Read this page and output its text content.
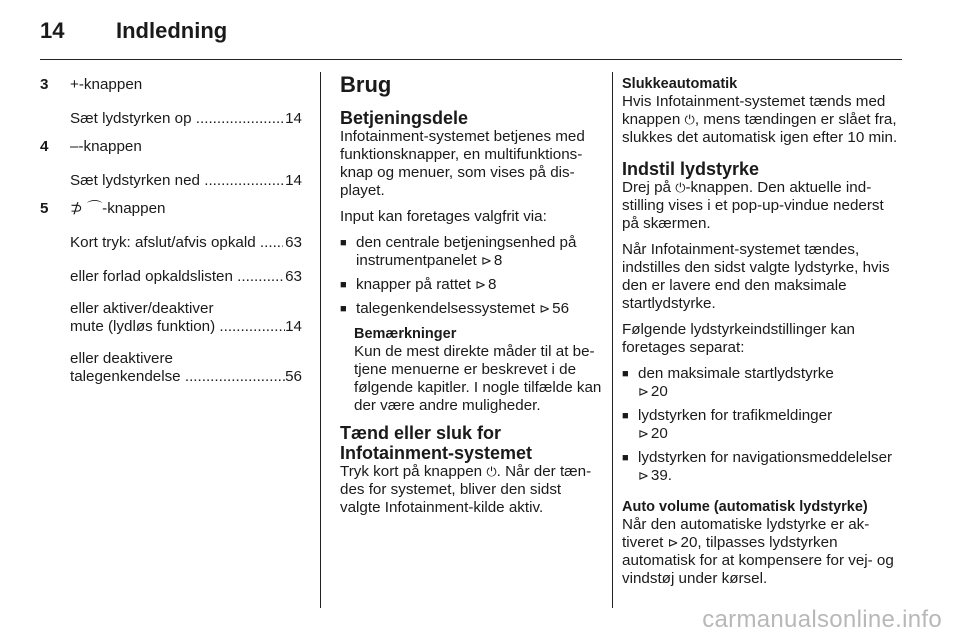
14	Indledning
3	+ -knappen
Sæt lydstyrken op .....	14
4	– -knappen
Sæt lydstyrken ned .....	14
5	⊅ ⌒ -knappen
Kort tryk: afslut/afvis opkald .....	63
eller forlad opkaldslisten .....	63
eller aktiver/deaktiver
mute (lydløs funktion) .....	14
eller deaktivere
talegenkendelse .....	56
Brug
Betjeningsdele

Infotainment-systemet betjenes med funktionsknapper, en multifunktionsknap og menuer, som vises på displayet.

Input kan foretages valgfrit via:

■ den centrale betjeningsenhed på instrumentpanelet ⊳ 8
■ knapper på rattet ⊳ 8
■ talegenkendelsessystemet ⊳ 56
Bemærkninger

Kun de mest direkte måder til at betjene menuerne er beskrevet i de følgende kapitler. I nogle tilfælde kan der være andre muligheder.

Tænd eller sluk for Infotainment-systemet

Tryk kort på knappen ⏻. Når der tændes for systemet, bliver den sidst valgte Infotainment-kilde aktiv.

Slukkeautomatik

Hvis Infotainment-systemet tænds med knappen ⏻, mens tændingen er slået fra, slukkes det automatisk igen efter 10 min.

Indstil lydstyrke

Drej på ⏻-knappen. Den aktuelle indstilling vises i et pop-up-vindue nederst på skærmen.

Når Infotainment-systemet tændes, indstilles den sidst valgte lydstyrke, hvis den er lavere end den maksimale startlydstyrke.

Følgende lydstyrkeindstillinger kan foretages separat:

■ den maksimale startlydstyrke
⊳ 20
■ lydstyrken for trafikmeldinger
⊳ 20
■ lydstyrken for navigationsmeddelelser ⊳ 39.
Auto volume (automatisk lydstyrke)

Når den automatiske lydstyrke er aktiveret ⊳ 20, tilpasses lydstyrken automatisk for at kompensere for vej- og vindstøj under kørsel.

carmanualsonline.info
